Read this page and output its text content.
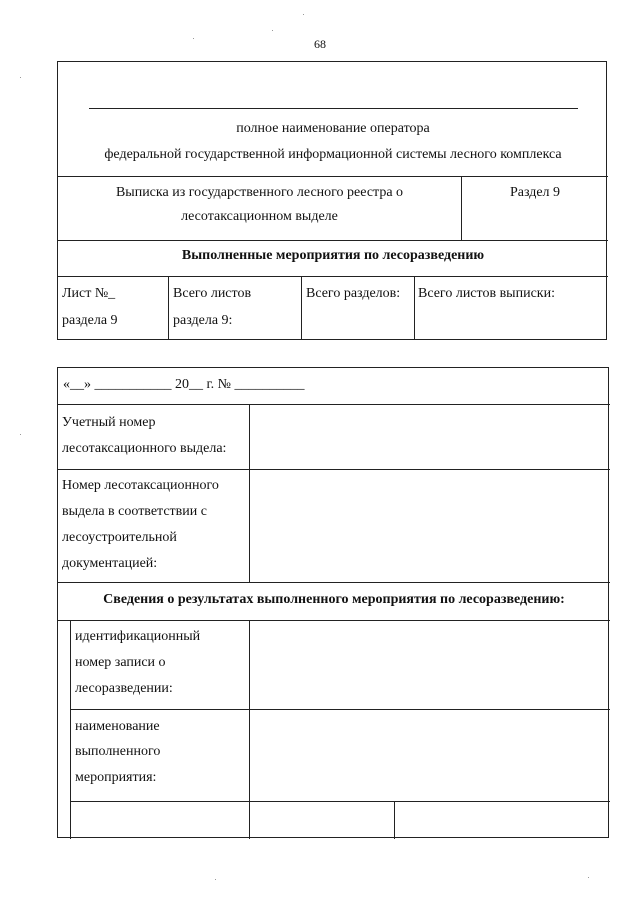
68
полное наименование оператора
федеральной государственной информационной системы лесного комплекса
Выписка из государственного лесного реестра о
лесотаксационном выделе
Раздел 9
Выполненные мероприятия по лесоразведению
Лист №_
раздела 9
Всего листов
раздела 9:
Всего разделов: Всего листов выписки:
«__» ___________ 20__ г. № __________
Учетный номер
лесотаксационного выдела:
Номер лесотаксационного
выдела в соответствии с
лесоустроительной
документацией:
Сведения о результатах выполненного мероприятия по лесоразведению:
идентификационный
номер записи о
лесоразведении:
наименование
выполненного
мероприятия:
